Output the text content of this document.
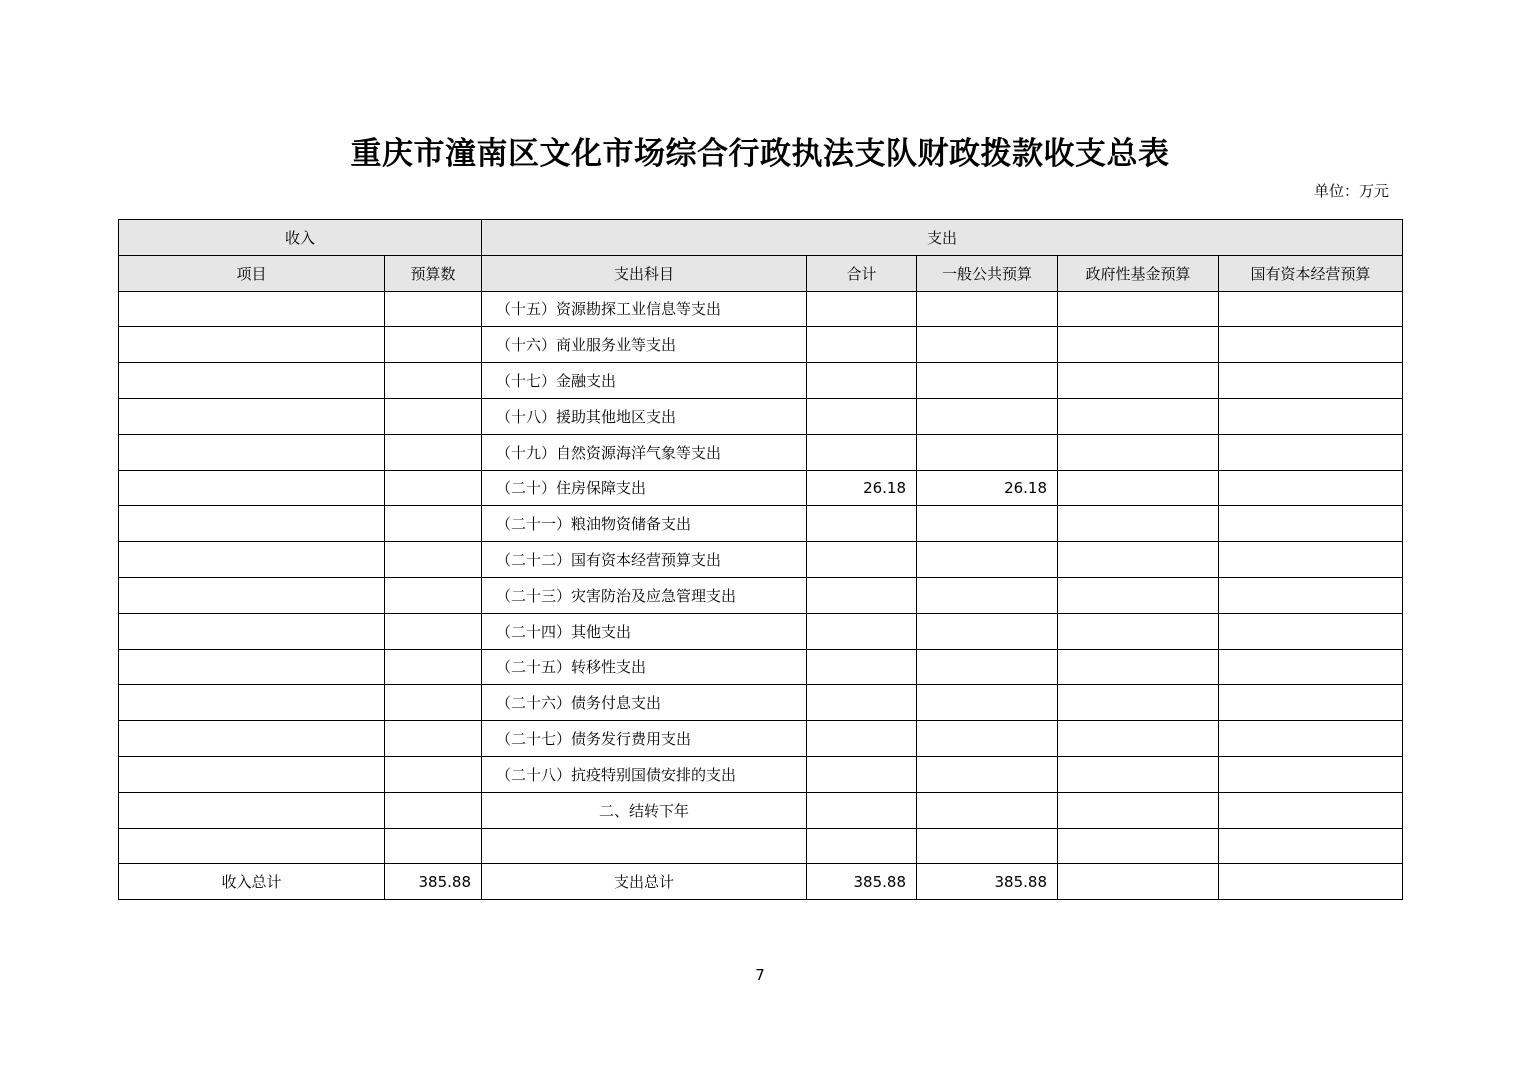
重庆市潼南区文化市场综合行政执法支队财政拨款收支总表
单位：万元
收入		支出				
项目	预算数	支出科目	合计	一般公共预算	政府性基金预算	国有资本经营预算
		（十五）资源勘探工业信息等支出				
		（十六）商业服务业等支出				
		（十七）金融支出				
		（十八）援助其他地区支出				
		（十九）自然资源海洋气象等支出				
		（二十）住房保障支出	26.18	26.18		
		（二十一）粮油物资储备支出				
		（二十二）国有资本经营预算支出				
		（二十三）灾害防治及应急管理支出				
		（二十四）其他支出				
		（二十五）转移性支出				
		（二十六）债务付息支出				
		（二十七）债务发行费用支出				
		（二十八）抗疫特别国债安排的支出				
		二、结转下年				

收入总计	385.88	支出总计	385.88	385.88		
7
